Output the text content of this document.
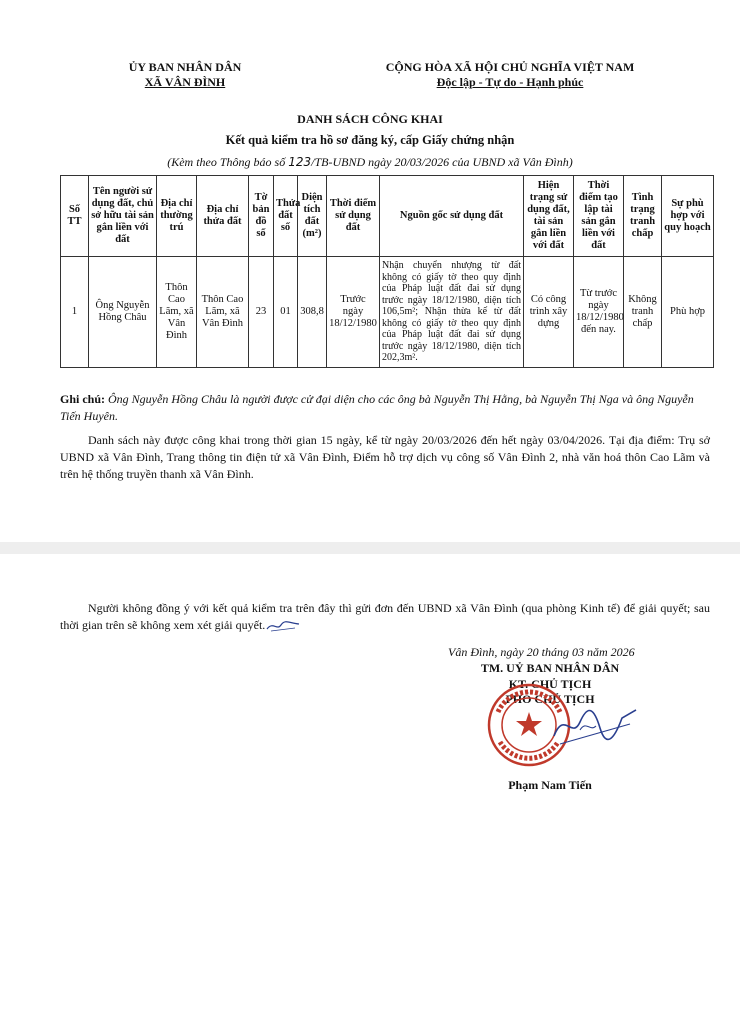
ỦY BAN NHÂN DÂN
XÃ VÂN ĐÌNH
CỘNG HÒA XÃ HỘI CHỦ NGHĨA VIỆT NAM
Độc lập - Tự do - Hạnh phúc
DANH SÁCH CÔNG KHAI
Kết quả kiểm tra hồ sơ đăng ký, cấp Giấy chứng nhận
(Kèm theo Thông báo số 123/TB-UBND ngày 20/03/2026 của UBND xã Vân Đình)
Số TT	Tên người sử dụng đất, chủ sở hữu tài sản gắn liền với đất	Địa chỉ thường trú	Địa chỉ thửa đất	Tờ bản đồ số	Thửa đất số	Diện tích đất (m²)	Thời điểm sử dụng đất	Nguồn gốc sử dụng đất	Hiện trạng sử dụng đất, tài sản gắn liền với đất	Thời điểm tạo lập tài sản gắn liền với đất	Tình trạng tranh chấp	Sự phù hợp với quy hoạch
1	Ông Nguyễn Hồng Châu	Thôn Cao Lãm, xã Vân Đình	Thôn Cao Lãm, xã Vân Đình	23	01	308,8	Trước ngày 18/12/1980	Nhận chuyển nhượng từ đất không có giấy tờ theo quy định của Pháp luật đất đai sử dụng trước ngày 18/12/1980, diện tích 106,5m²; Nhận thừa kế từ đất không có giấy tờ theo quy định của Pháp luật đất đai sử dụng trước ngày 18/12/1980, diện tích 202,3m².	Có công trình xây dựng	Từ trước ngày 18/12/1980 đến nay.	Không tranh chấp	Phù hợp
Ghi chú: Ông Nguyễn Hồng Châu là người được cử đại diện cho các ông bà Nguyễn Thị Hằng, bà Nguyễn Thị Nga và ông Nguyễn Tiến Huyên.
Danh sách này được công khai trong thời gian 15 ngày, kể từ ngày 20/03/2026 đến hết ngày 03/04/2026. Tại địa điểm: Trụ sở UBND xã Vân Đình, Trang thông tin điện tử xã Vân Đình, Điểm hỗ trợ dịch vụ công số Vân Đình 2, nhà văn hoá thôn Cao Lãm và trên hệ thống truyền thanh xã Vân Đình.
Người không đồng ý với kết quả kiểm tra trên đây thì gửi đơn đến UBND xã Vân Đình (qua phòng Kinh tế) để giải quyết; sau thời gian trên sẽ không xem xét giải quyết.
Vân Đình, ngày 20 tháng 03 năm 2026
TM. UỶ BAN NHÂN DÂN
KT. CHỦ TỊCH
PHÓ CHỦ TỊCH
Phạm Nam Tiến
